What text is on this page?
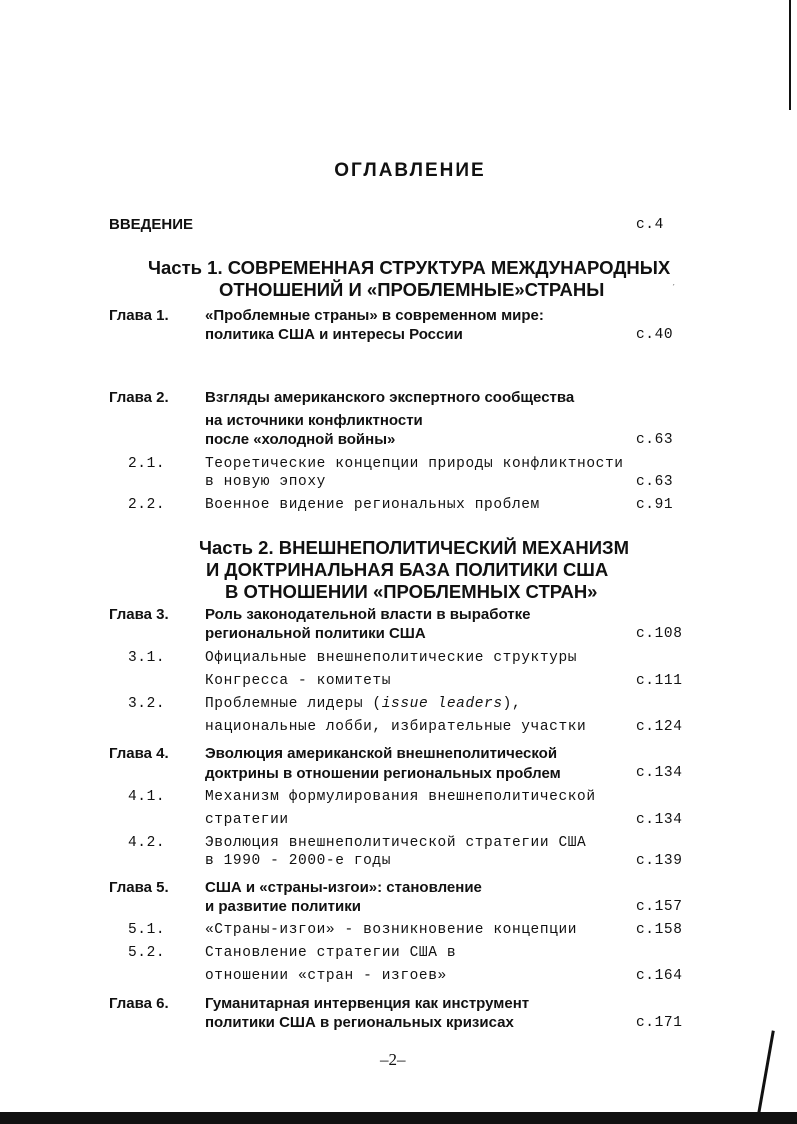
ОГЛАВЛЕНИЕ
ВВЕДЕНИЕ	с.4
Часть 1. СОВРЕМЕННАЯ СТРУКТУРА МЕЖДУНАРОДНЫХ
ОТНОШЕНИЙ И «ПРОБЛЕМНЫЕ»СТРАНЫ	ˊ
Глава 1. «Проблемные страны» в современном мире:
политика США и интересы России	с.40
Глава 2. Взгляды американского экспертного сообщества
на источники конфликтности
после «холодной войны»	с.63
2.1.	Теоретические концепции природы конфликтности
в новую эпоху	с.63
2.2.	Военное видение региональных проблем	с.91
Часть 2. ВНЕШНЕПОЛИТИЧЕСКИЙ МЕХАНИЗМ
И ДОКТРИНАЛЬНАЯ БАЗА ПОЛИТИКИ США
В ОТНОШЕНИИ «ПРОБЛЕМНЫХ СТРАН»
Глава 3. Роль законодательной власти в выработке
региональной политики США	с.108
3.1.	Официальные внешнеполитические структуры
Конгресса - комитеты	с.111
3.2.	Проблемные лидеры (issue leaders),
национальные лобби, избирательные участки	с.124
Глава 4. Эволюция американской внешнеполитической
доктрины в отношении региональных проблем	с.134
4.1.	Механизм формулирования внешнеполитической
стратегии	с.134
4.2.	Эволюция внешнеполитической стратегии США
в 1990 - 2000-е годы	с.139
Глава 5. США и «страны-изгои»: становление
и развитие политики	с.157
5.1.	«Страны-изгои» - возникновение концепции	с.158
5.2.	Становление стратегии США в
отношении «стран - изгоев»	с.164
Глава 6. Гуманитарная интервенция как инструмент
политики США в региональных кризисах	с.171
–2–
